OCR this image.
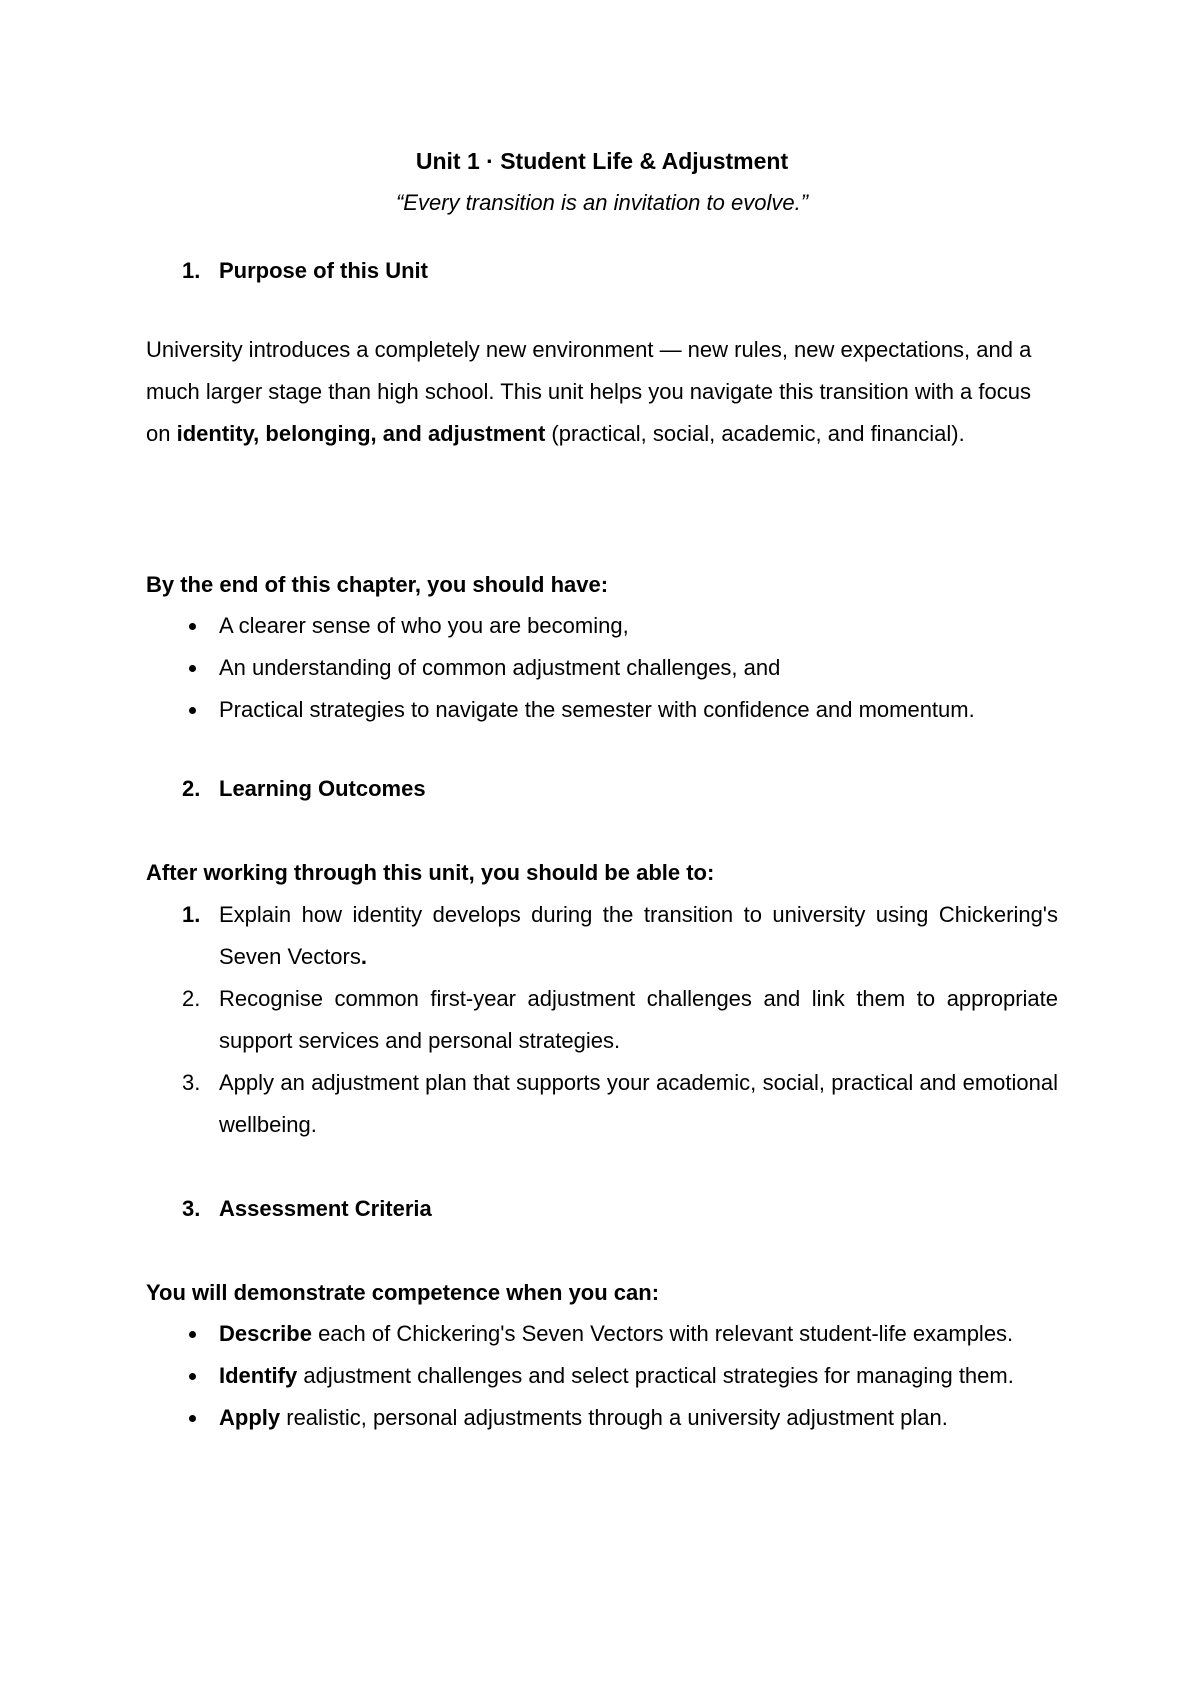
Unit 1 · Student Life & Adjustment
“Every transition is an invitation to evolve.”
1. Purpose of this Unit
University introduces a completely new environment — new rules, new expectations, and a much larger stage than high school. This unit helps you navigate this transition with a focus on identity, belonging, and adjustment (practical, social, academic, and financial).
By the end of this chapter, you should have:
A clearer sense of who you are becoming,
An understanding of common adjustment challenges, and
Practical strategies to navigate the semester with confidence and momentum.
2. Learning Outcomes
After working through this unit, you should be able to:
1. Explain how identity develops during the transition to university using Chickering's Seven Vectors.
2. Recognise common first-year adjustment challenges and link them to appropriate support services and personal strategies.
3. Apply an adjustment plan that supports your academic, social, practical and emotional wellbeing.
3. Assessment Criteria
You will demonstrate competence when you can:
Describe each of Chickering's Seven Vectors with relevant student-life examples.
Identify adjustment challenges and select practical strategies for managing them.
Apply realistic, personal adjustments through a university adjustment plan.
